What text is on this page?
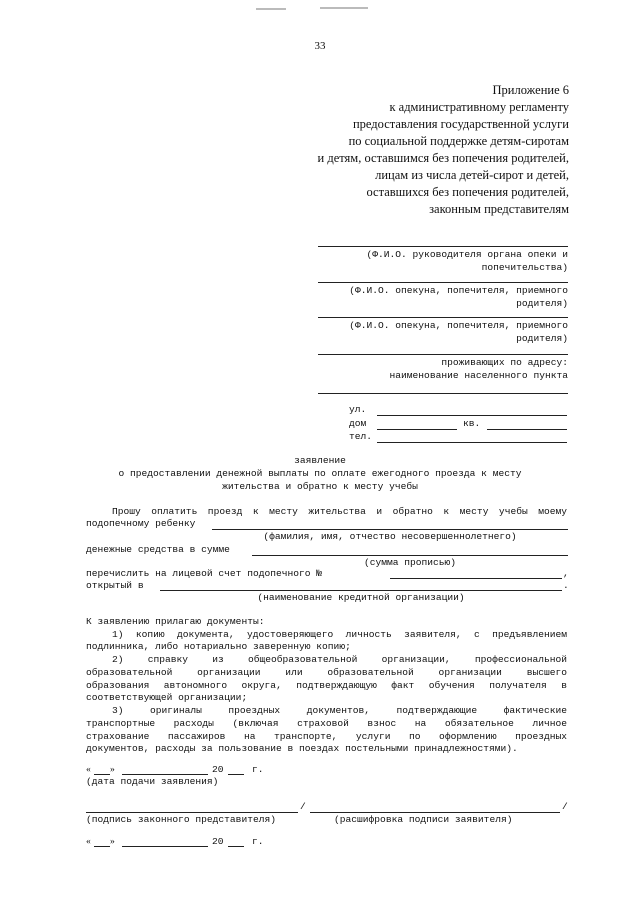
33
Приложение 6
к административному регламенту
предоставления государственной услуги
по социальной поддержке детям-сиротам
и детям, оставшимся без попечения родителей,
лицам из числа детей-сирот и детей,
оставшихся без попечения родителей,
законным представителям
(Ф.И.О. руководителя органа опеки и
попечительства)
(Ф.И.О. опекуна, попечителя, приемного
родителя)
(Ф.И.О. опекуна, попечителя, приемного
родителя)
проживающих по адресу:
наименование населенного пункта
ул.
дом	кв.
тел.
заявление
о предоставлении денежной выплаты по оплате ежегодного проезда к месту
жительства и обратно к месту учебы
Прошу оплатить проезд к месту жительства и обратно к месту учебы моему
подопечному ребенку
(фамилия, имя, отчество несовершеннолетнего)
денежные средства в сумме
(сумма прописью)
перечислить на лицевой счет подопечного №	,
открытый в	.
(наименование кредитной организации)
К заявлению прилагаю документы:
1) копию документа, удостоверяющего личность заявителя, с предъявлением
подлинника, либо нотариально заверенную копию;
2) справку из общеобразовательной организации, профессиональной
образовательной организации или образовательной организации высшего
образования автономного округа, подтверждающую факт обучения получателя в
соответствующей организации;
3) оригиналы проездных документов, подтверждающие фактические
транспортные расходы (включая страховой взнос на обязательное личное
страхование пассажиров на транспорте, услуги по оформлению проездных
документов, расходы за пользование в поездах постельными принадлежностями).
« »	20	г.
(дата подачи заявления)
/	/
(подпись законного представителя)	(расшифровка подписи заявителя)
« »	20	г.
